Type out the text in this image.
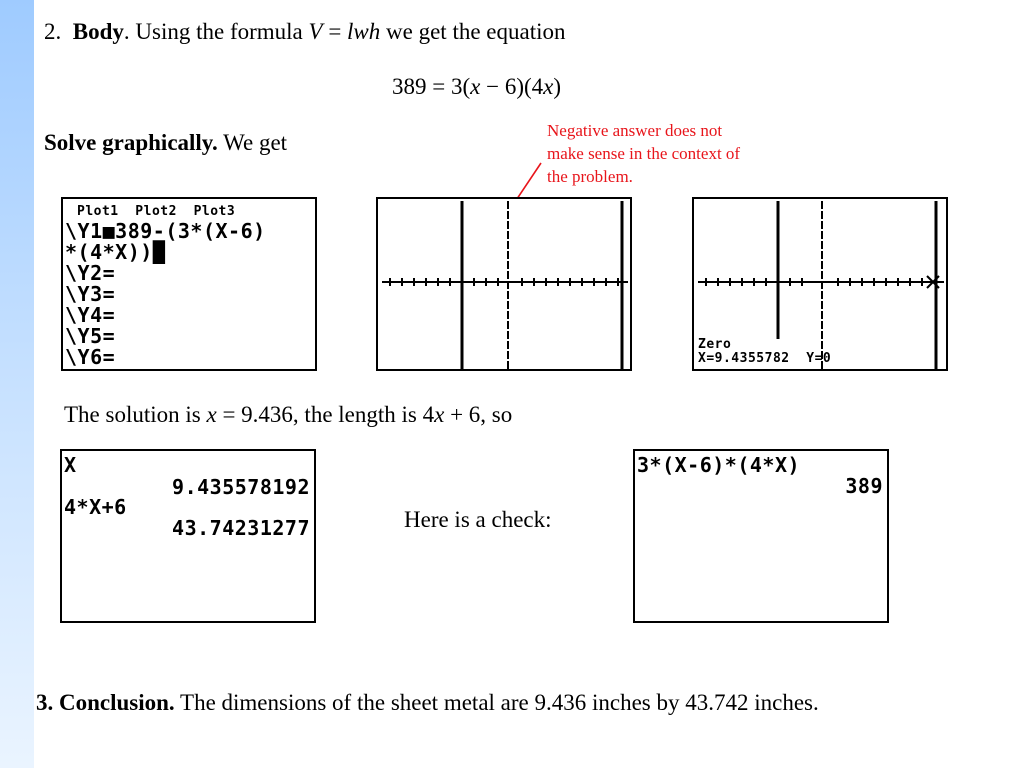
2. Body. Using the formula V = lwh we get the equation
389 = 3(x − 6)(4x)
Solve graphically. We get	Negative answer does not
make sense in the context of
the problem.
Plot1  Plot2  Plot3
\Y1■389-(3*(X-6)
*(4*X))█
\Y2=
\Y3=
\Y4=
\Y5=
\Y6=
Zero
X=9.4355782  Y=0
The solution is x = 9.436, the length is 4x + 6, so
X
9.435578192
4*X+6
43.74231277	Here is a check:
3*(X-6)*(4*X)
389
3. Conclusion. The dimensions of the sheet metal are 9.436 inches by 43.742 inches.
